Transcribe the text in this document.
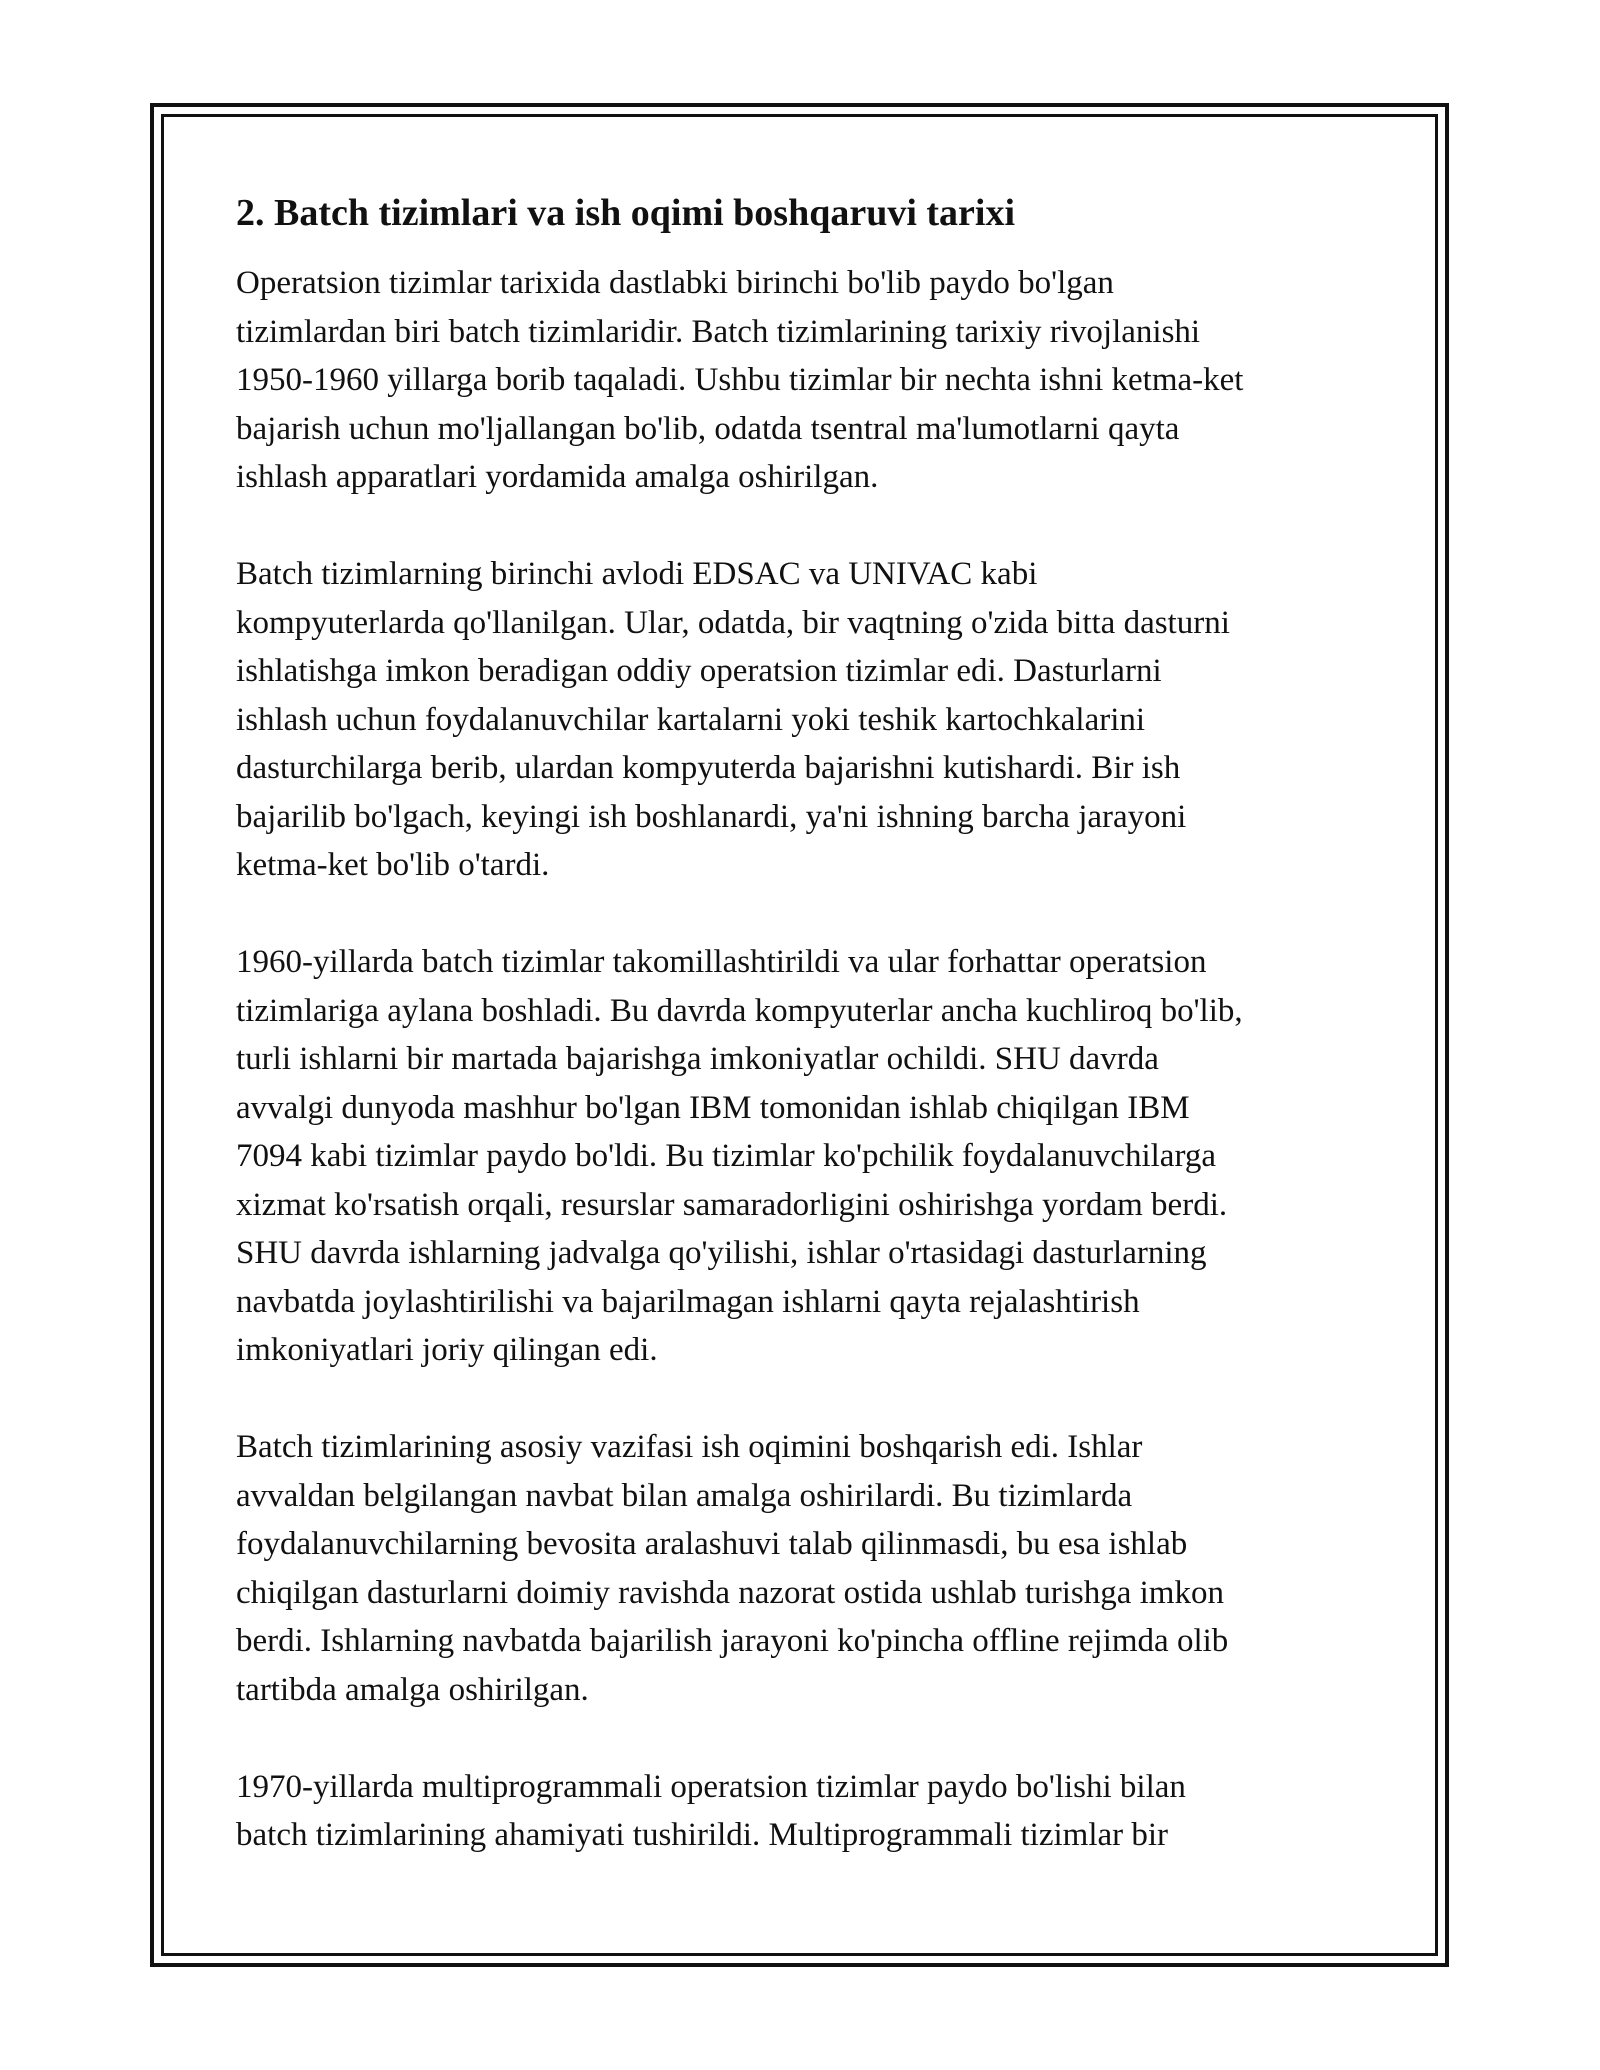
2. Batch tizimlari va ish oqimi boshqaruvi tarixi
Operatsion tizimlar tarixida dastlabki birinchi bo'lib paydo bo'lgan
tizimlardan biri batch tizimlaridir. Batch tizimlarining tarixiy rivojlanishi
1950-1960 yillarga borib taqaladi. Ushbu tizimlar bir nechta ishni ketma-ket
bajarish uchun mo'ljallangan bo'lib, odatda tsentral ma'lumotlarni qayta
ishlash apparatlari yordamida amalga oshirilgan.
Batch tizimlarning birinchi avlodi EDSAC va UNIVAC kabi
kompyuterlarda qo'llanilgan. Ular, odatda, bir vaqtning o'zida bitta dasturni
ishlatishga imkon beradigan oddiy operatsion tizimlar edi. Dasturlarni
ishlash uchun foydalanuvchilar kartalarni yoki teshik kartochkalarini
dasturchilarga berib, ulardan kompyuterda bajarishni kutishardi. Bir ish
bajarilib bo'lgach, keyingi ish boshlanardi, ya'ni ishning barcha jarayoni
ketma-ket bo'lib o'tardi.
1960-yillarda batch tizimlar takomillashtirildi va ular forhattar operatsion
tizimlariga aylana boshladi. Bu davrda kompyuterlar ancha kuchliroq bo'lib,
turli ishlarni bir martada bajarishga imkoniyatlar ochildi. SHU davrda
avvalgi dunyoda mashhur bo'lgan IBM tomonidan ishlab chiqilgan IBM
7094 kabi tizimlar paydo bo'ldi. Bu tizimlar ko'pchilik foydalanuvchilarga
xizmat ko'rsatish orqali, resurslar samaradorligini oshirishga yordam berdi.
SHU davrda ishlarning jadvalga qo'yilishi, ishlar o'rtasidagi dasturlarning
navbatda joylashtirilishi va bajarilmagan ishlarni qayta rejalashtirish
imkoniyatlari joriy qilingan edi.
Batch tizimlarining asosiy vazifasi ish oqimini boshqarish edi. Ishlar
avvaldan belgilangan navbat bilan amalga oshirilardi. Bu tizimlarda
foydalanuvchilarning bevosita aralashuvi talab qilinmasdi, bu esa ishlab
chiqilgan dasturlarni doimiy ravishda nazorat ostida ushlab turishga imkon
berdi. Ishlarning navbatda bajarilish jarayoni ko'pincha offline rejimda olib
tartibda amalga oshirilgan.
1970-yillarda multiprogrammali operatsion tizimlar paydo bo'lishi bilan
batch tizimlarining ahamiyati tushirildi. Multiprogrammali tizimlar bir
